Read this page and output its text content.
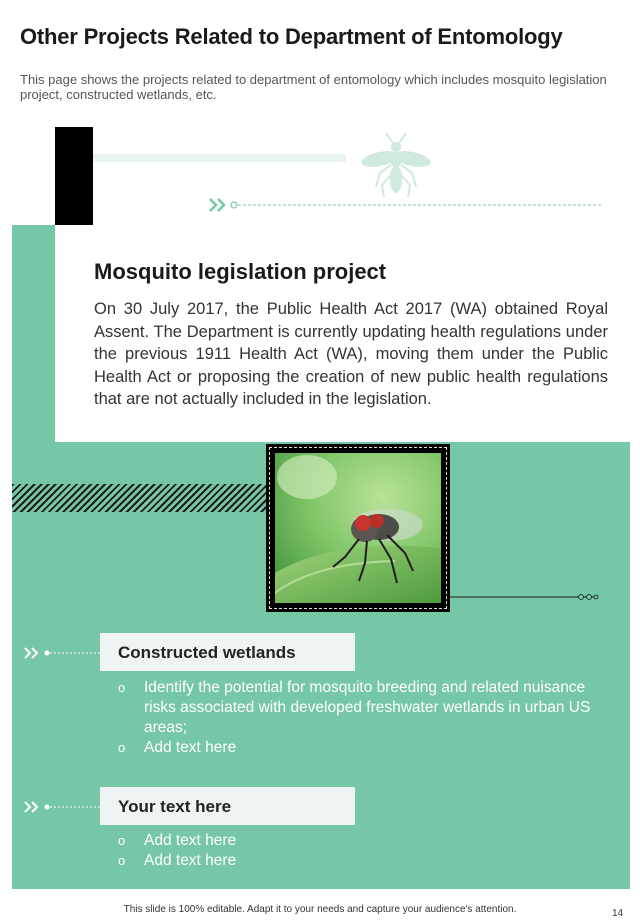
Other Projects Related to Department of Entomology
This page shows the projects related to department of entomology which includes mosquito legislation project, constructed wetlands, etc.
Mosquito legislation project
On 30 July 2017, the Public Health Act 2017 (WA) obtained Royal Assent. The Department is currently updating health regulations under the previous 1911 Health Act (WA), moving them under the Public Health Act or proposing the creation of new public health regulations that are not actually included in the legislation.
Constructed wetlands
o Identify the potential for mosquito breeding and related nuisance risks associated with developed freshwater wetlands in urban US areas;
o Add text here
Your text here
o Add text here
o Add text here
This slide is 100% editable. Adapt it to your needs and capture your audience's attention.	14
